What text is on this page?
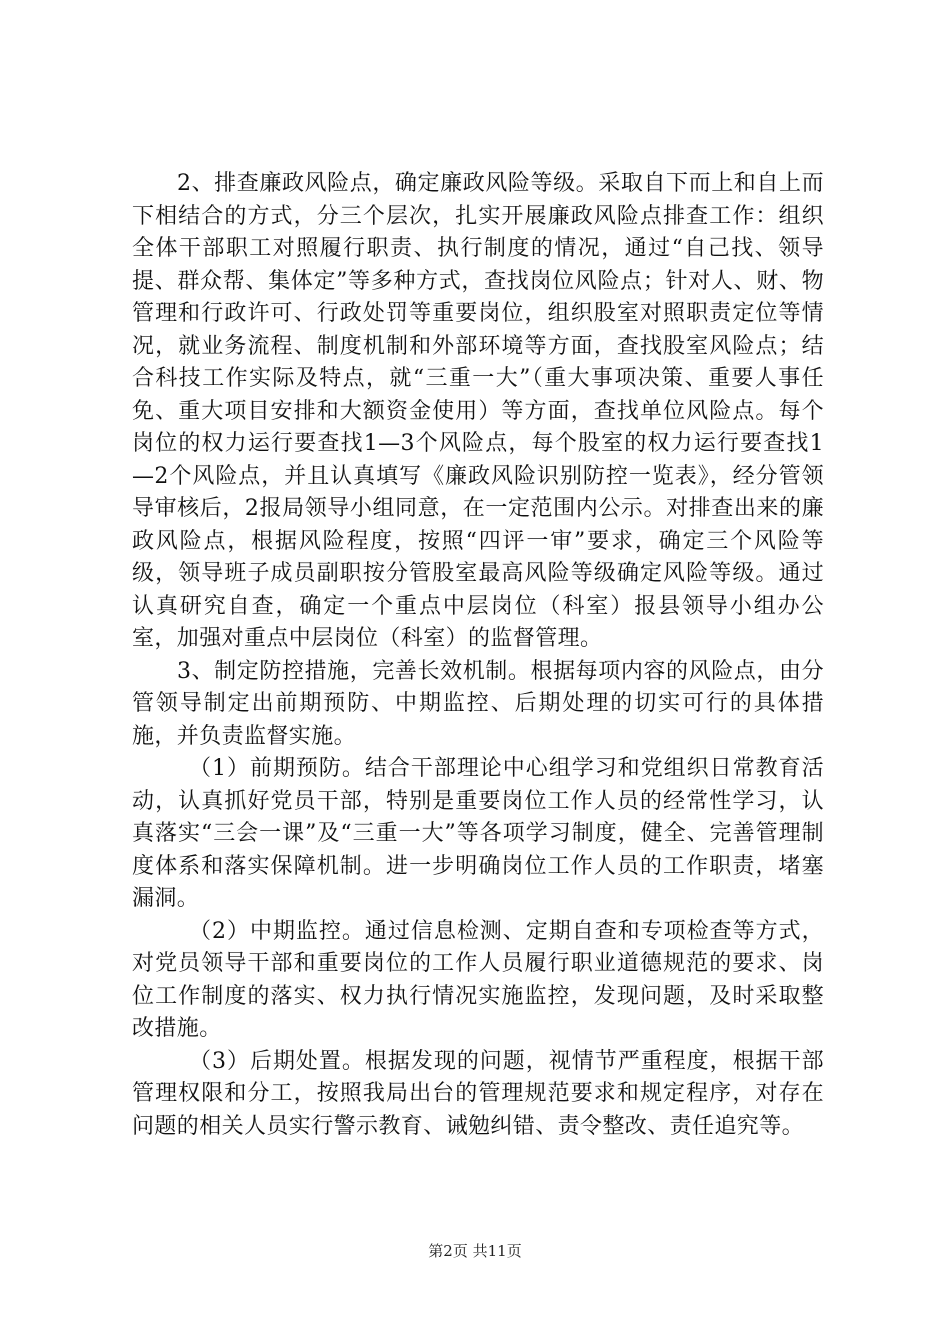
2、排查廉政风险点，确定廉政风险等级。采取自下而上和自上而下相结合的方式，分三个层次，扎实开展廉政风险点排查工作：组织全体干部职工对照履行职责、执行制度的情况，通过“自己找、领导提、群众帮、集体定”等多种方式，查找岗位风险点；针对人、财、物管理和行政许可、行政处罚等重要岗位，组织股室对照职责定位等情况，就业务流程、制度机制和外部环境等方面，查找股室风险点；结合科技工作实际及特点，就“三重一大”（重大事项决策、重要人事任免、重大项目安排和大额资金使用）等方面，查找单位风险点。每个岗位的权力运行要查找1—3个风险点，每个股室的权力运行要查找1—2个风险点，并且认真填写《廉政风险识别防控一览表》，经分管领导审核后，2报局领导小组同意，在一定范围内公示。对排查出来的廉政风险点，根据风险程度，按照“四评一审”要求，确定三个风险等级，领导班子成员副职按分管股室最高风险等级确定风险等级。通过认真研究自查，确定一个重点中层岗位（科室）报县领导小组办公室，加强对重点中层岗位（科室）的监督管理。

3、制定防控措施，完善长效机制。根据每项内容的风险点，由分管领导制定出前期预防、中期监控、后期处理的切实可行的具体措施，并负责监督实施。

（1）前期预防。结合干部理论中心组学习和党组织日常教育活动，认真抓好党员干部，特别是重要岗位工作人员的经常性学习，认真落实“三会一课”及“三重一大”等各项学习制度，健全、完善管理制度体系和落实保障机制。进一步明确岗位工作人员的工作职责，堵塞漏洞。

（2）中期监控。通过信息检测、定期自查和专项检查等方式，对党员领导干部和重要岗位的工作人员履行职业道德规范的要求、岗位工作制度的落实、权力执行情况实施监控，发现问题，及时采取整改措施。

（3）后期处置。根据发现的问题，视情节严重程度，根据干部管理权限和分工，按照我局出台的管理规范要求和规定程序，对存在问题的相关人员实行警示教育、诫勉纠错、责令整改、责任追究等。

第2页 共11页
